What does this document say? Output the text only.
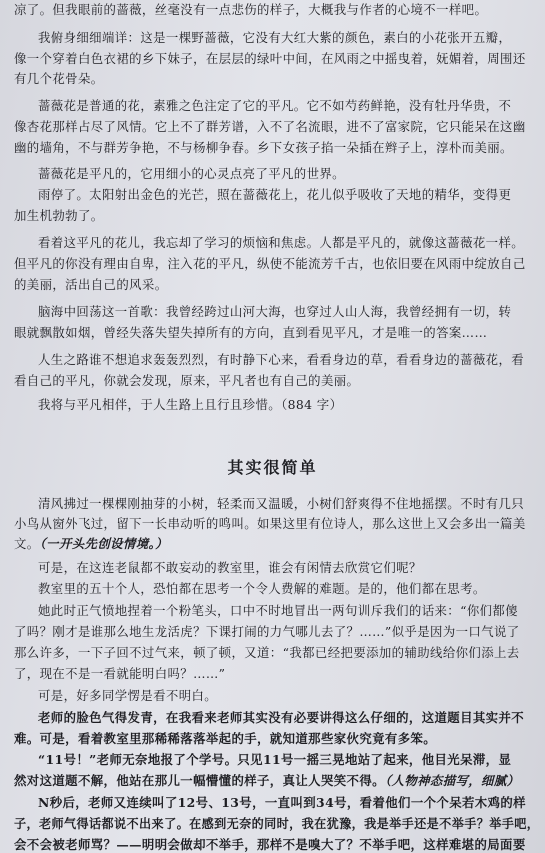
凉了。但我眼前的蔷薇，丝毫没有一点悲伤的样子，大概我与作者的心境不一样吧。
我俯身细细端详：这是一棵野蔷薇，它没有大红大紫的颜色，素白的小花张开五瓣，
像一个穿着白色衣裙的乡下妹子，在层层的绿叶中间，在风雨之中摇曳着，妩媚着，周围还
有几个花骨朵。
蔷薇花是普通的花，素雅之色注定了它的平凡。它不如芍药鲜艳，没有牡丹华贵，不
像杏花那样占尽了风情。它上不了群芳谱，入不了名流眼，进不了富家院，它只能呆在这幽
幽的墙角，不与群芳争艳，不与杨柳争春。乡下女孩子掐一朵插在辫子上，淳朴而美丽。
蔷薇花是平凡的，它用细小的心灵点亮了平凡的世界。
雨停了。太阳射出金色的光芒，照在蔷薇花上，花儿似乎吸收了天地的精华，变得更
加生机勃勃了。
看着这平凡的花儿，我忘却了学习的烦恼和焦虑。人都是平凡的，就像这蔷薇花一样。
但平凡的你没有理由自卑，注入花的平凡，纵使不能流芳千古，也依旧要在风雨中绽放自己
的美丽，活出自己的风采。
脑海中回荡这一首歌：我曾经跨过山河大海，也穿过人山人海，我曾经拥有一切，转
眼就飘散如烟，曾经失落失望失掉所有的方向，直到看见平凡，才是唯一的答案……
人生之路谁不想追求轰轰烈烈，有时静下心来，看看身边的草，看看身边的蔷薇花，看
看自己的平凡，你就会发现，原来，平凡者也有自己的美丽。
我将与平凡相伴，于人生路上且行且珍惜。（884 字）
其实很简单
清风拂过一棵棵刚抽芽的小树，轻柔而又温暖，小树们舒爽得不住地摇摆。不时有几只
小鸟从窗外飞过，留下一长串动听的鸣叫。如果这里有位诗人，那么这世上又会多出一篇美
文。（一开头先创设情境。）
可是，在这连老鼠都不敢妄动的教室里，谁会有闲情去欣赏它们呢？
教室里的五十个人，恐怕都在思考一个令人费解的难题。是的，他们都在思考。
她此时正气愤地捏着一个粉笔头，口中不时地冒出一两句训斥我们的话来：“你们都傻
了吗？刚才是谁那么地生龙活虎？下课打闹的力气哪儿去了？……”似乎是因为一口气说了
那么许多，一下子回不过气来，顿了顿，又道：“我都已经把要添加的辅助线给你们添上去
了，现在不是一看就能明白吗？……”
可是，好多同学愣是看不明白。
老师的脸色气得发青，在我看来老师其实没有必要讲得这么仔细的，这道题目其实并不
难。可是，看着教室里那稀稀落落举起的手，就知道那些家伙究竟有多笨。
“11号！”老师无奈地报了个学号。只见11号一摇三晃地站了起来，他目光呆滞，显
然对这道题不解，他站在那儿一幅懵懂的样子，真让人哭笑不得。（人物神态描写，细腻）
N秒后，老师又连续叫了12号、13号，一直叫到34号，看着他们一个个呆若木鸡的样
子，老师气得话都说不出来了。在感到无奈的同时，我在犹豫，我是举手还是不举手？举手吧，
会不会被老师骂？——明明会做却不举手，那样不是嗅大了？不举手吧，这样难堪的局面要
